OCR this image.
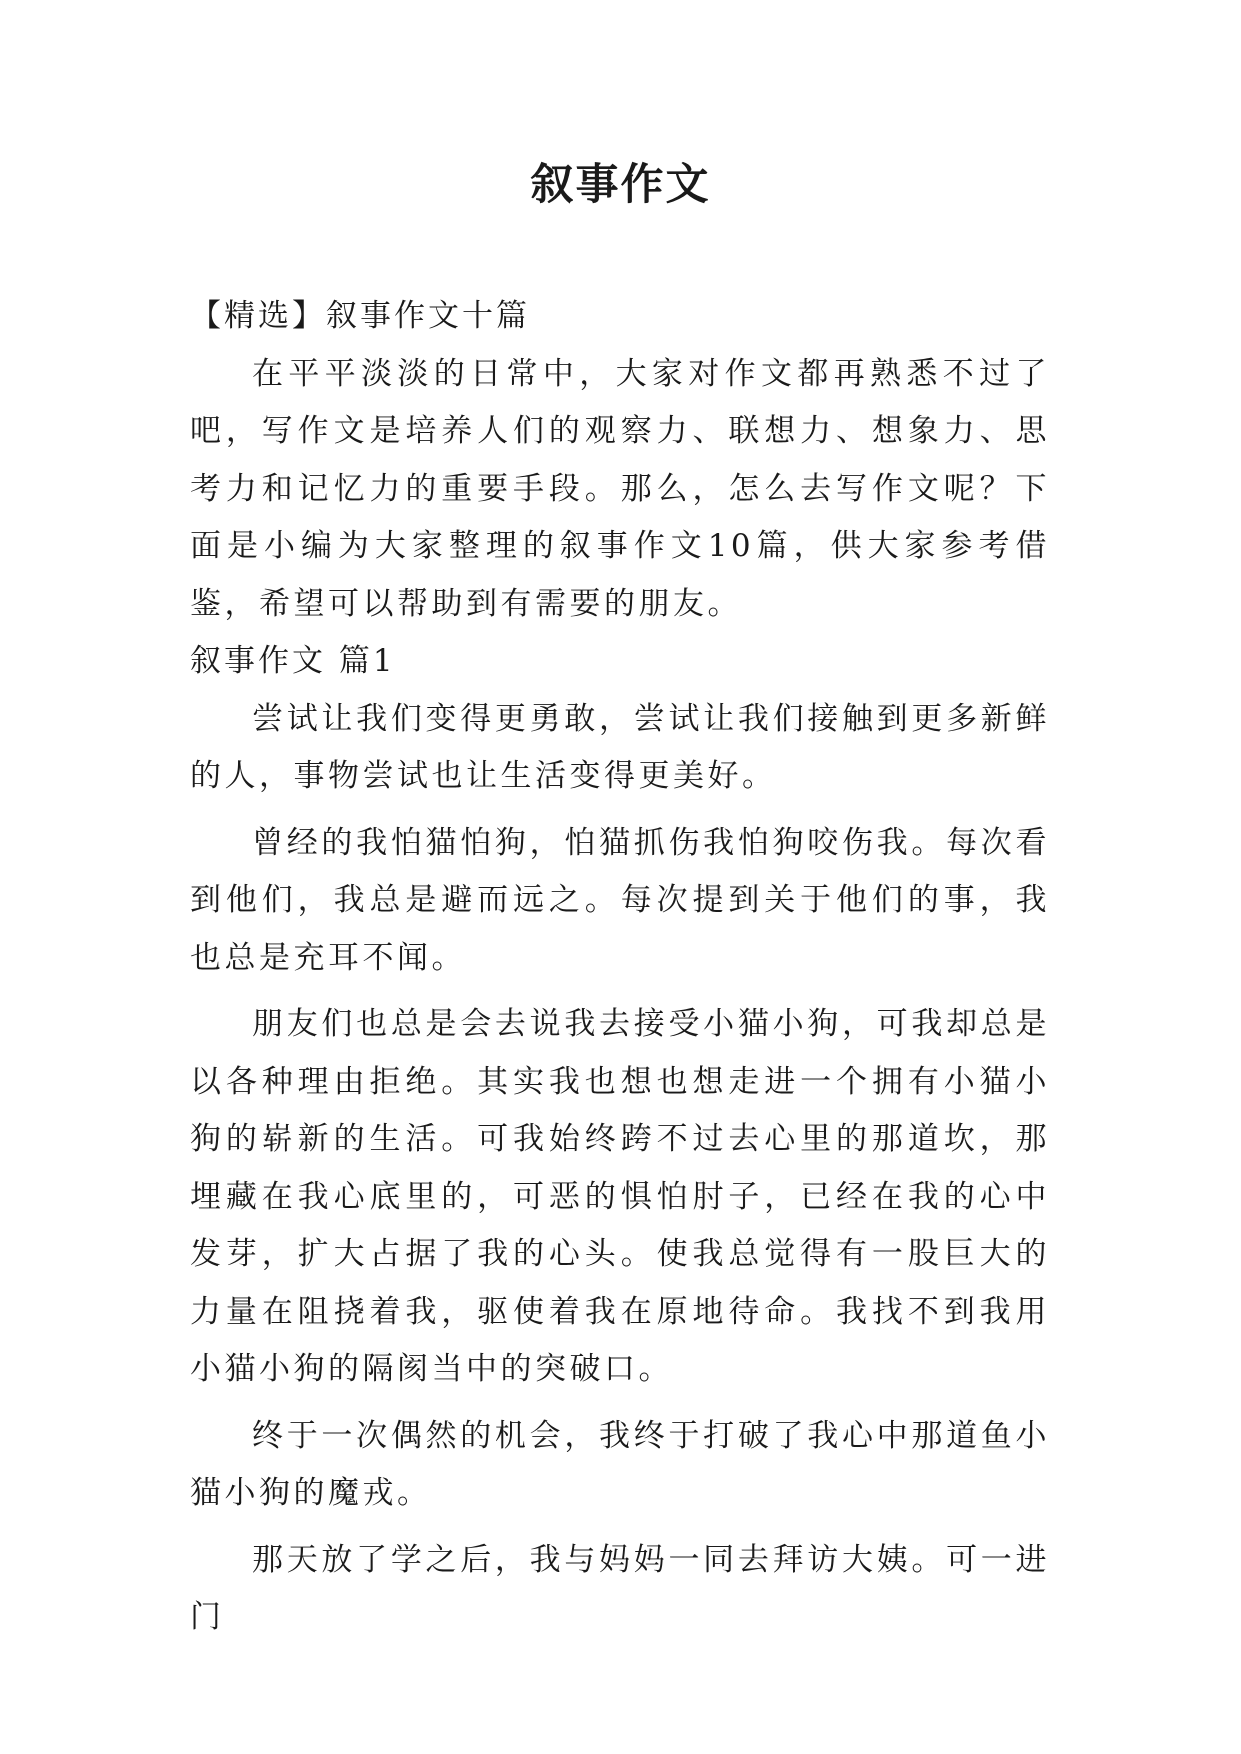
叙事作文

【精选】叙事作文十篇

在平平淡淡的日常中，大家对作文都再熟悉不过了吧，写作文是培养人们的观察力、联想力、想象力、思考力和记忆力的重要手段。那么，怎么去写作文呢？下面是小编为大家整理的叙事作文10篇，供大家参考借鉴，希望可以帮助到有需要的朋友。

叙事作文 篇1

尝试让我们变得更勇敢，尝试让我们接触到更多新鲜的人，事物尝试也让生活变得更美好。

曾经的我怕猫怕狗，怕猫抓伤我怕狗咬伤我。每次看到他们，我总是避而远之。每次提到关于他们的事，我也总是充耳不闻。

朋友们也总是会去说我去接受小猫小狗，可我却总是以各种理由拒绝。其实我也想也想走进一个拥有小猫小狗的崭新的生活。可我始终跨不过去心里的那道坎，那埋藏在我心底里的，可恶的惧怕肘子，已经在我的心中发芽，扩大占据了我的心头。使我总觉得有一股巨大的力量在阻挠着我，驱使着我在原地待命。我找不到我用小猫小狗的隔阂当中的突破口。

终于一次偶然的机会，我终于打破了我心中那道鱼小猫小狗的魔戎。

那天放了学之后，我与妈妈一同去拜访大姨。可一进门
